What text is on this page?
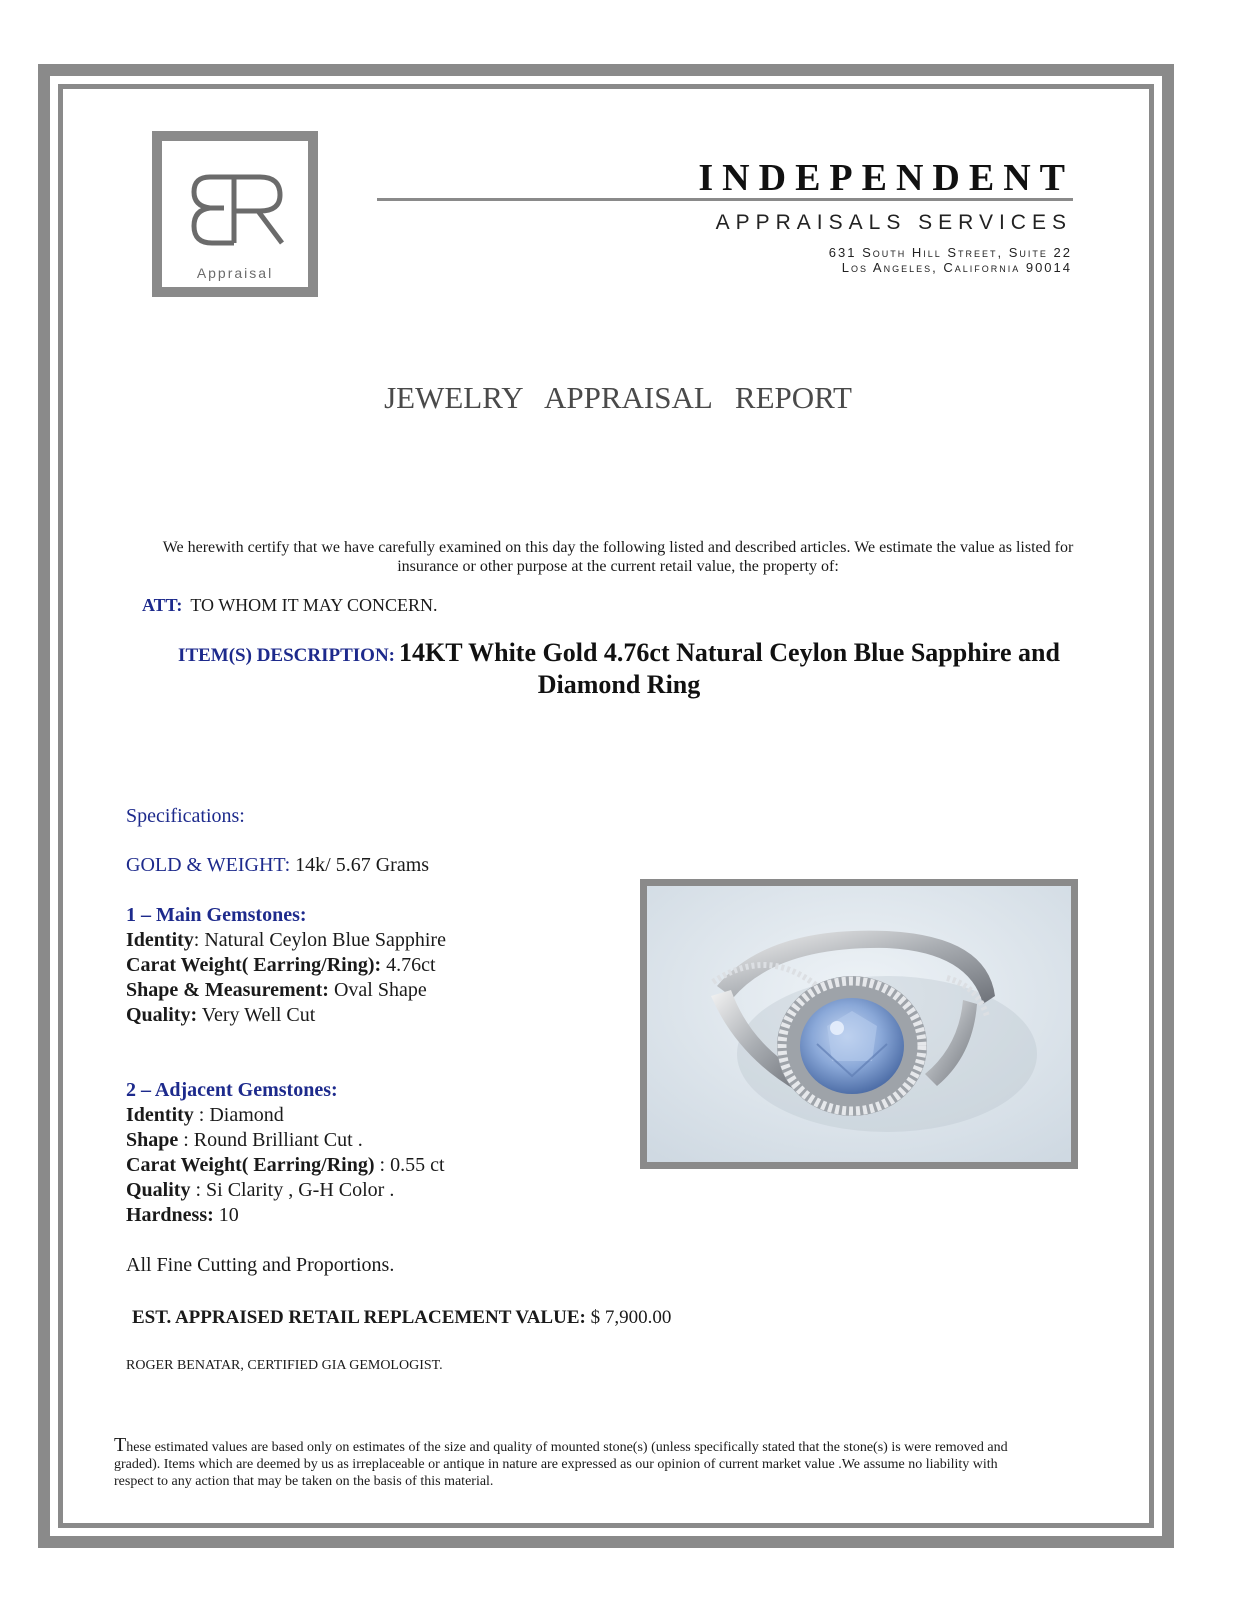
Appraisal
INDEPENDENT
APPRAISALS SERVICES
631 South Hill Street, Suite 22
Los Angeles, California 90014
JEWELRY   APPRAISAL   REPORT
We herewith certify that we have carefully examined on this day the following listed and described articles. We estimate the value as listed for insurance or other purpose at the current retail value, the property of:
ATT: TO WHOM IT MAY CONCERN.
ITEM(S) DESCRIPTION: 14KT White Gold 4.76ct Natural Ceylon Blue Sapphire and Diamond Ring
Specifications:
GOLD & WEIGHT: 14k/ 5.67 Grams
1 – Main Gemstones:
Identity: Natural Ceylon Blue Sapphire
Carat Weight( Earring/Ring): 4.76ct
Shape & Measurement: Oval Shape
Quality: Very Well Cut
2 – Adjacent Gemstones:
Identity : Diamond
Shape : Round Brilliant Cut .
Carat Weight( Earring/Ring) : 0.55 ct
Quality : Si Clarity , G-H Color .
Hardness: 10
All Fine Cutting and Proportions.
EST. APPRAISED RETAIL REPLACEMENT VALUE: $ 7,900.00
ROGER BENATAR, CERTIFIED GIA GEMOLOGIST.
These estimated values are based only on estimates of the size and quality of mounted stone(s) (unless specifically stated that the stone(s) is were removed and graded). Items which are deemed by us as irreplaceable or antique in nature are expressed as our opinion of current market value .We assume no liability with respect to any action that may be taken on the basis of this material.
